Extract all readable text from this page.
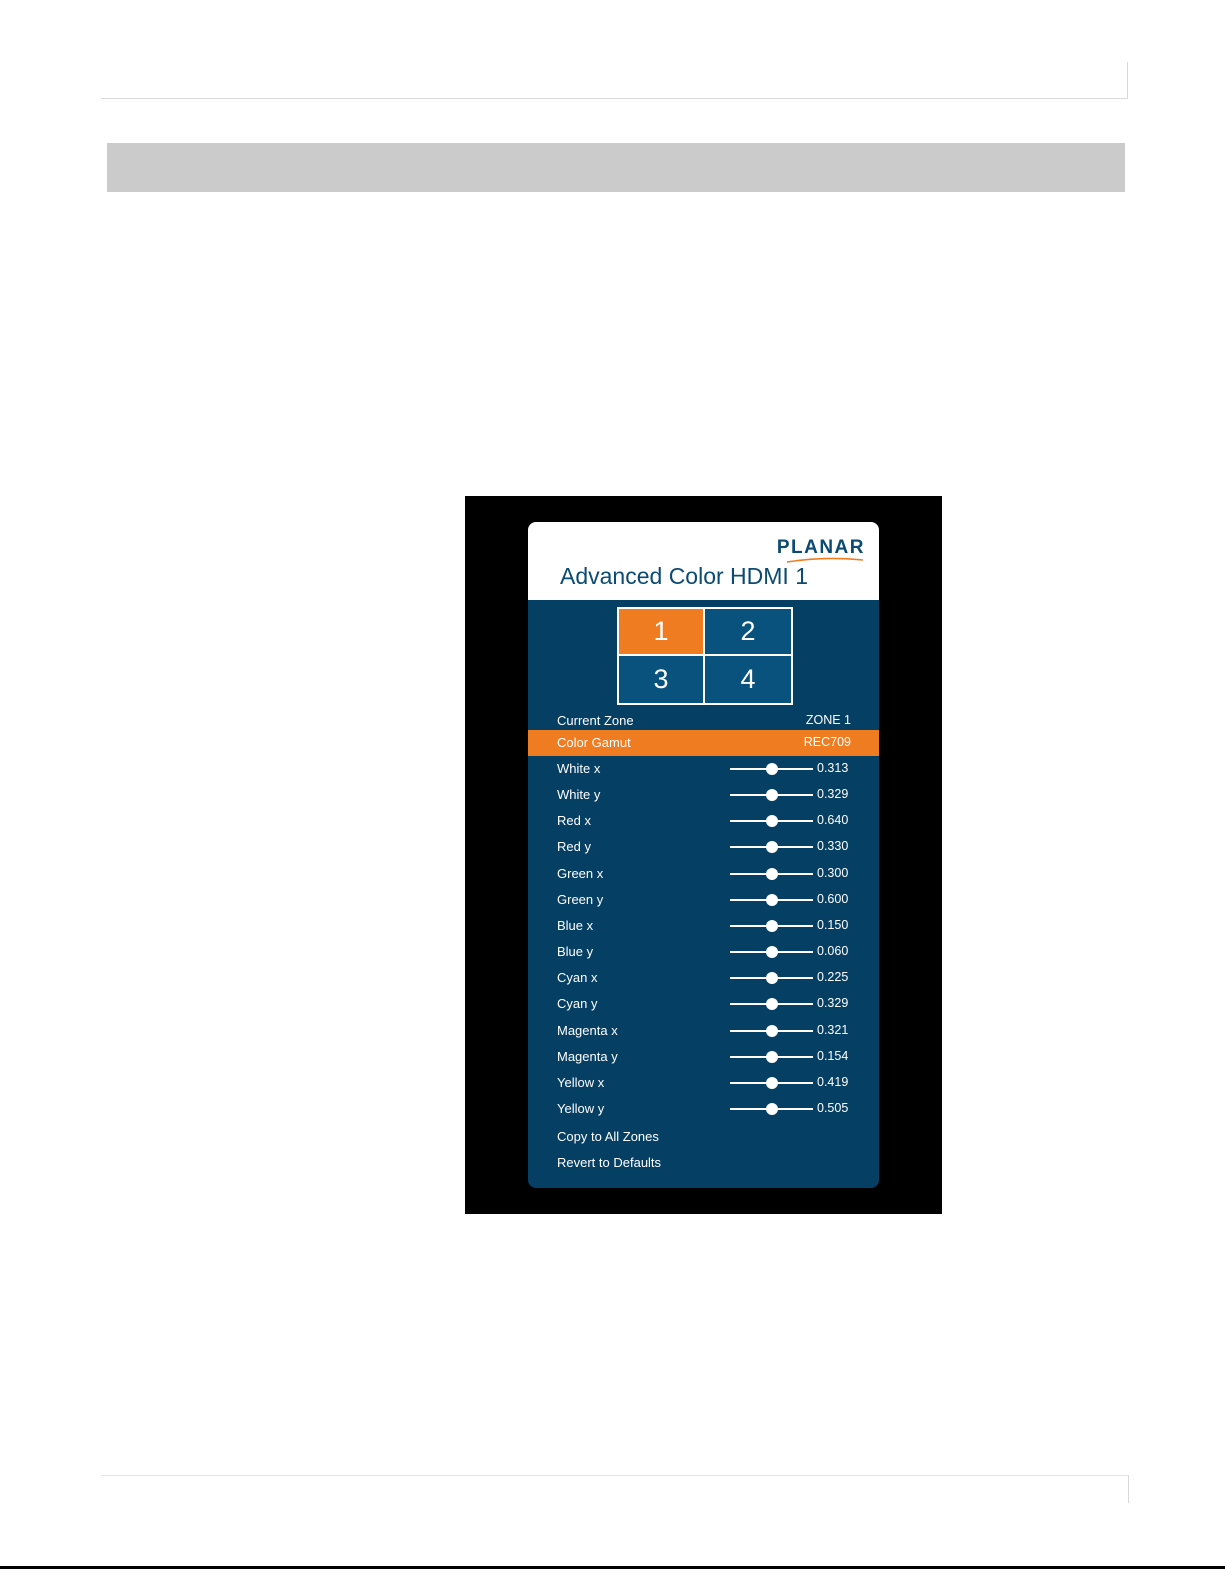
PLANAR
Advanced Color HDMI 1
1	2
3	4
Current Zone	ZONE 1
Color Gamut	REC709
White x	0.313
White y	0.329
Red x	0.640
Red y	0.330
Green x	0.300
Green y	0.600
Blue x	0.150
Blue y	0.060
Cyan x	0.225
Cyan y	0.329
Magenta x	0.321
Magenta y	0.154
Yellow x	0.419
Yellow y	0.505
Copy to All Zones
Revert to Defaults
